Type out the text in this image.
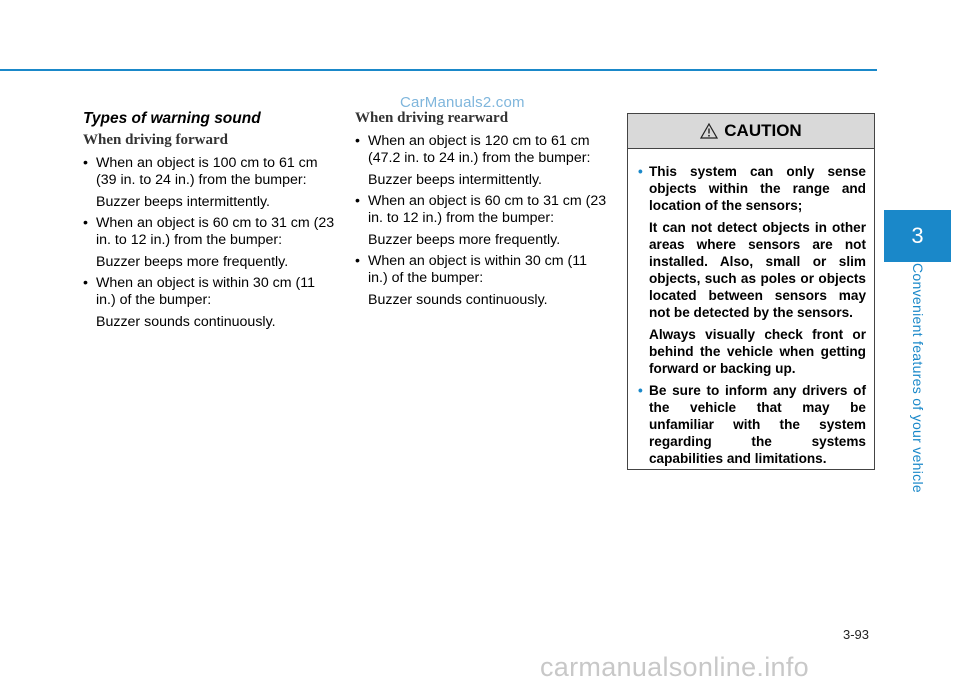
CarManuals2.com
Types of warning sound
When driving forward
• When an object is 100 cm to 61 cm (39 in. to 24 in.) from the bumper:
Buzzer beeps intermittently.
• When an object is 60 cm to 31 cm (23 in. to 12 in.) from the bumper:
Buzzer beeps more frequently.
• When an object is within 30 cm (11 in.) of the bumper:
Buzzer sounds continuously.
When driving rearward
• When an object is 120 cm to 61 cm (47.2 in. to 24 in.) from the bumper:
Buzzer beeps intermittently.
• When an object is 60 cm to 31 cm (23 in. to 12 in.) from the bumper:
Buzzer beeps more frequently.
• When an object is within 30 cm (11 in.) of the bumper:
Buzzer sounds continuously.
CAUTION
• This system can only sense objects within the range and location of the sensors;
It can not detect objects in other areas where sensors are not installed. Also, small or slim objects, such as poles or objects located between sensors may not be detected by the sensors.
Always visually check front or behind the vehicle when getting forward or backing up.
• Be sure to inform any drivers of the vehicle that may be unfamiliar with the system regarding the systems capabilities and limitations.
3
Convenient features of your vehicle
3-93
carmanualsonline.info
